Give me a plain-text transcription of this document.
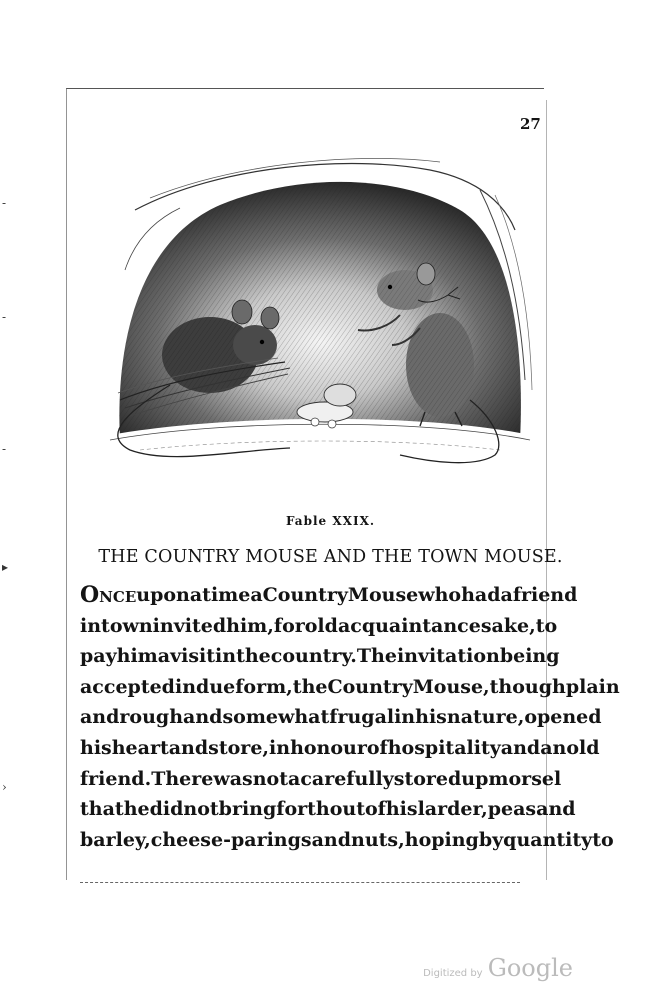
-
-
-
▸
›
27
Fable XXIX.
THE COUNTRY MOUSE AND THE TOWN MOUSE.
ONCE upon a time a Country Mouse who had a friend
in town invited him, for old acquaintance sake, to
pay him a visit in the country. The invitation being
accepted in due form, the Country Mouse, though plain
and rough and somewhat frugal in his nature, opened
his heart and store, in honour of hospitality and an old
friend. There was not a carefully stored up morsel
that he did not bring forth out of his larder, peas and
barley, cheese-parings and nuts, hoping by quantity to
Digitized by Google
